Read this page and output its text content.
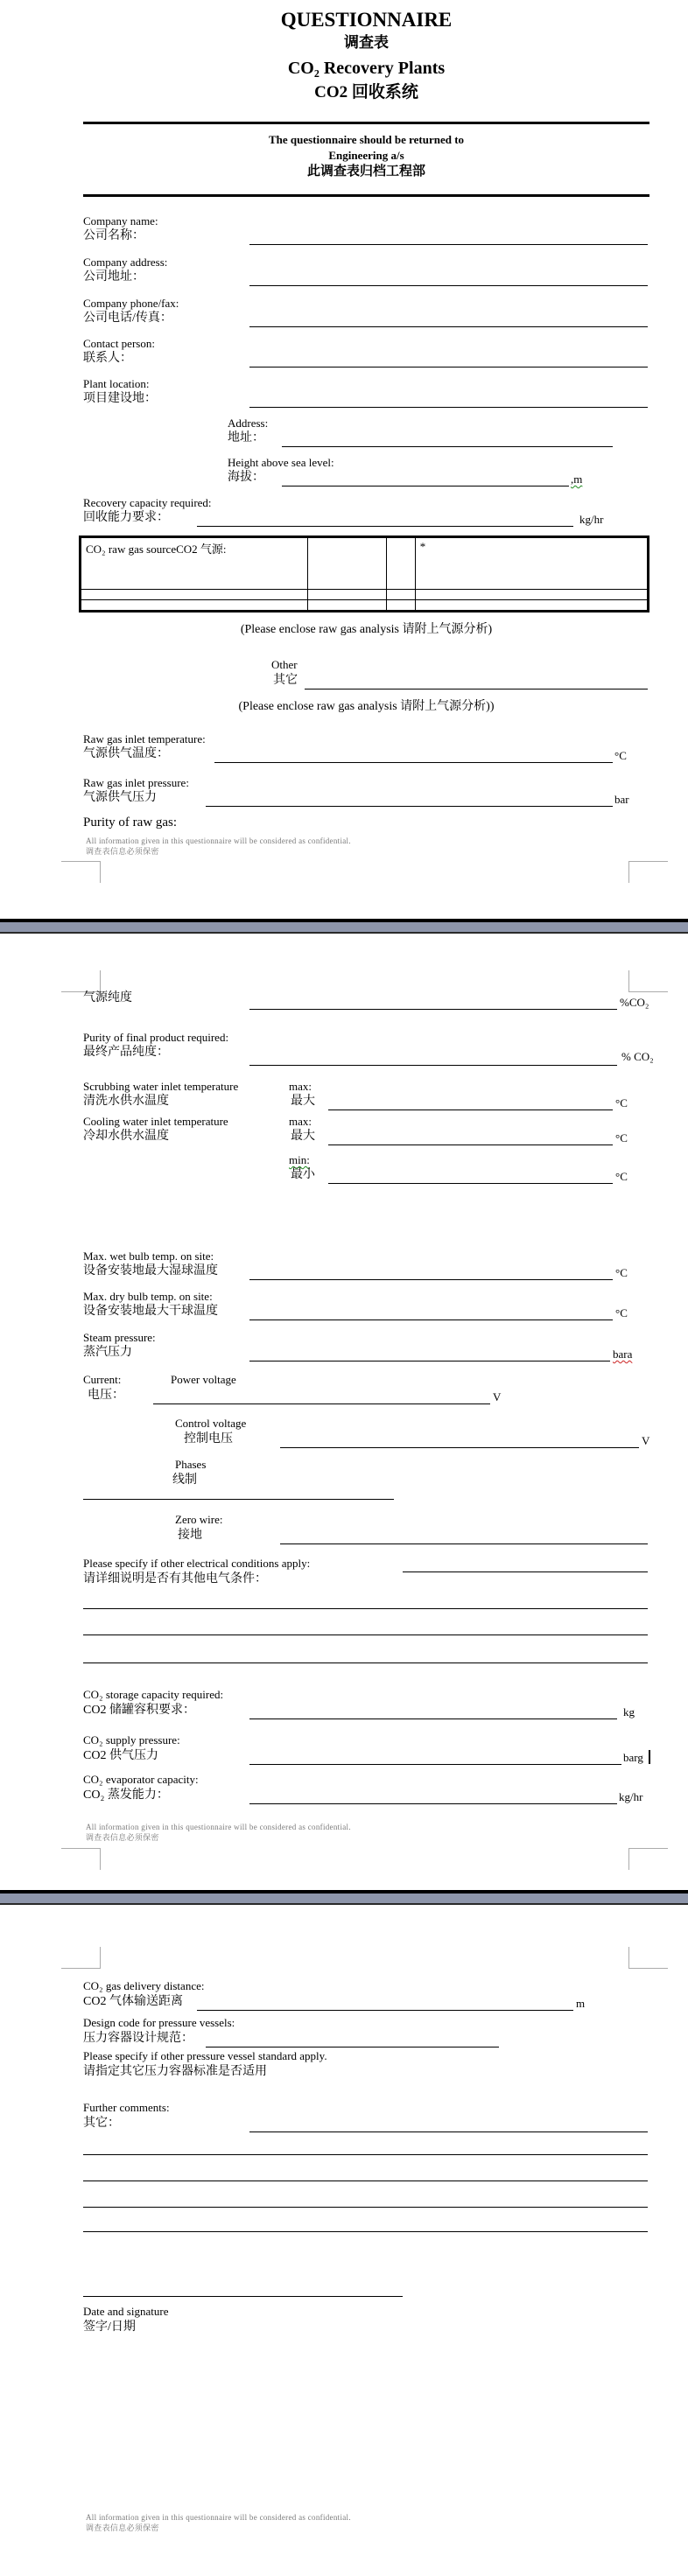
QUESTIONNAIRE
调查表
CO₂ Recovery Plants
CO2 回收系统
The questionnaire should be returned to
Engineering a/s
此调查表归档工程部
Company name:
公司名称：
Company address:
公司地址：
Company phone/fax:
公司电话/传真：
Contact person:
联系人：
Plant location:
项目建设地：
Address:
地址：
Height above sea level:
海拔：	,m
Recovery capacity required:
回收能力要求：	kg/hr
CO₂ raw gas sourceCO2 气源:			*

(Please enclose raw gas analysis 请附上气源分析)
Other
其它
(Please enclose raw gas analysis 请附上气源分析))
Raw gas inlet temperature:
气源供气温度：	°C
Raw gas inlet pressure:
气源供气压力	bar
Purity of raw gas:
All information given in this questionnaire will be considered as confidential.
调查表信息必须保密
气源纯度	%CO₂
Purity of final product required:
最终产品纯度：	% CO₂
Scrubbing water inlet temperature
清洗水供水温度
max:
最大	°C
Cooling water inlet temperature
冷却水供水温度
max:
最大	°C
min:
最小	°C
Max. wet bulb temp. on site:
设备安装地最大湿球温度	°C
Max. dry bulb temp. on site:
设备安装地最大干球温度	°C
Steam pressure:
蒸汽压力	bara
Current:	Power voltage
电压：	V
Control voltage
控制电压	V
Phases
线制
Zero wire:
接地
Please specify if other electrical conditions apply:
请详细说明是否有其他电气条件：
CO₂ storage capacity required:
CO2 储罐容积要求：	kg
CO₂ supply pressure:
CO2 供气压力	barg
CO₂ evaporator capacity:
CO₂ 蒸发能力：	kg/hr
All information given in this questionnaire will be considered as confidential.
调查表信息必须保密
CO₂ gas delivery distance:
CO2 气体输送距离	m
Design code for pressure vessels:
压力容器设计规范：
Please specify if other pressure vessel standard apply.
请指定其它压力容器标准是否适用
Further comments:
其它：
Date and signature
签字/日期
All information given in this questionnaire will be considered as confidential.
调查表信息必须保密
